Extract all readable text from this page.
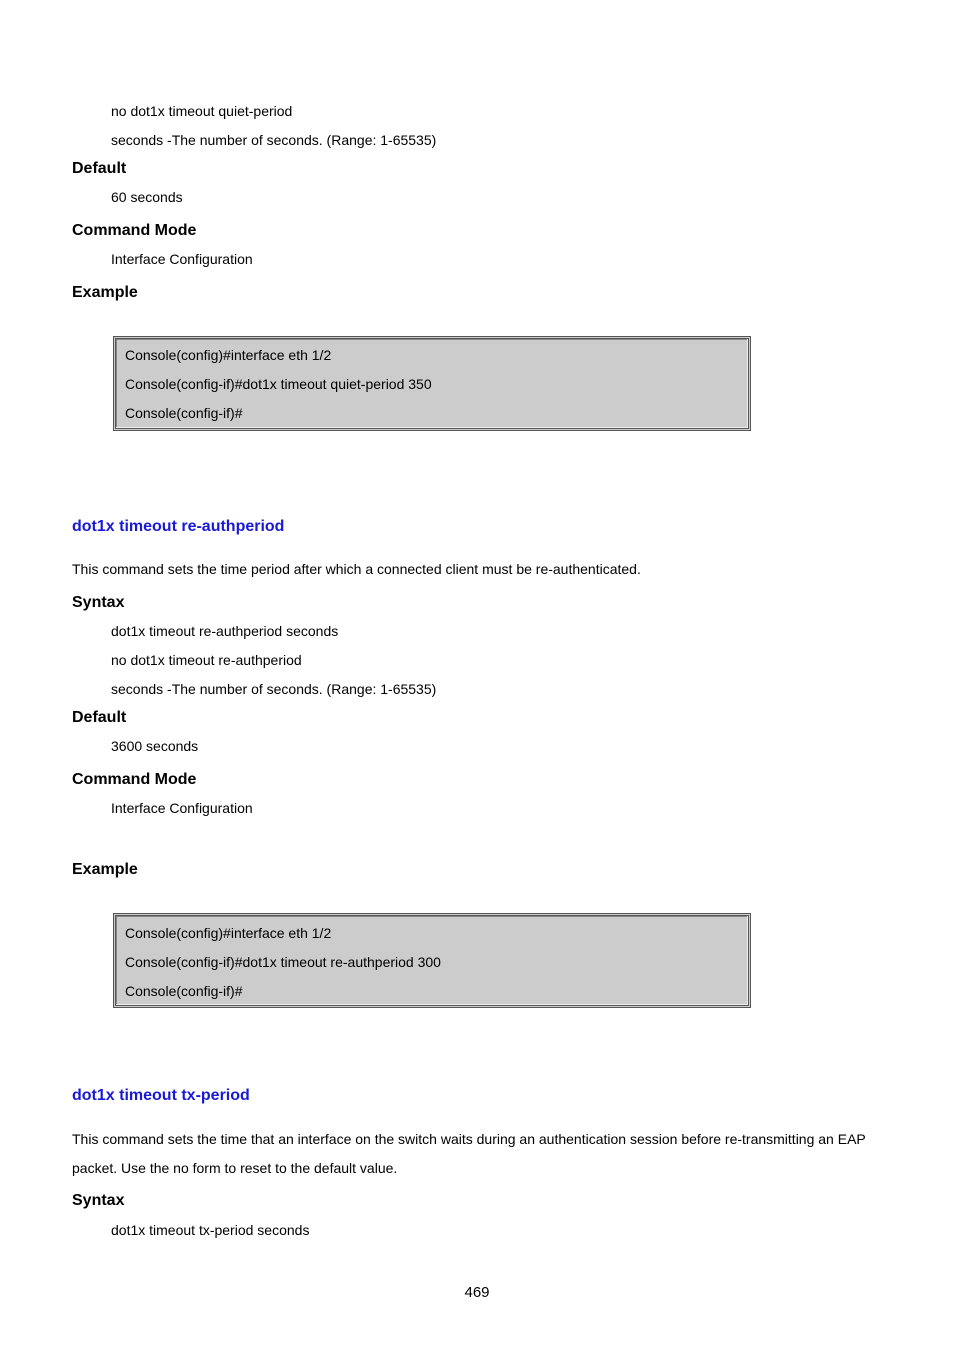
no dot1x timeout quiet-period
seconds -The number of seconds. (Range: 1-65535)
Default
60 seconds
Command Mode
Interface Configuration
Example
Console(config)#interface eth 1/2
Console(config-if)#dot1x timeout quiet-period 350
Console(config-if)#
dot1x timeout re-authperiod
This command sets the time period after which a connected client must be re-authenticated.
Syntax
dot1x timeout re-authperiod seconds
no dot1x timeout re-authperiod
seconds -The number of seconds. (Range: 1-65535)
Default
3600 seconds
Command Mode
Interface Configuration
Example
Console(config)#interface eth 1/2
Console(config-if)#dot1x timeout re-authperiod 300
Console(config-if)#
dot1x timeout tx-period
This command sets the time that an interface on the switch waits during an authentication session before re-transmitting an EAP
packet. Use the no form to reset to the default value.
Syntax
dot1x timeout tx-period seconds
469
